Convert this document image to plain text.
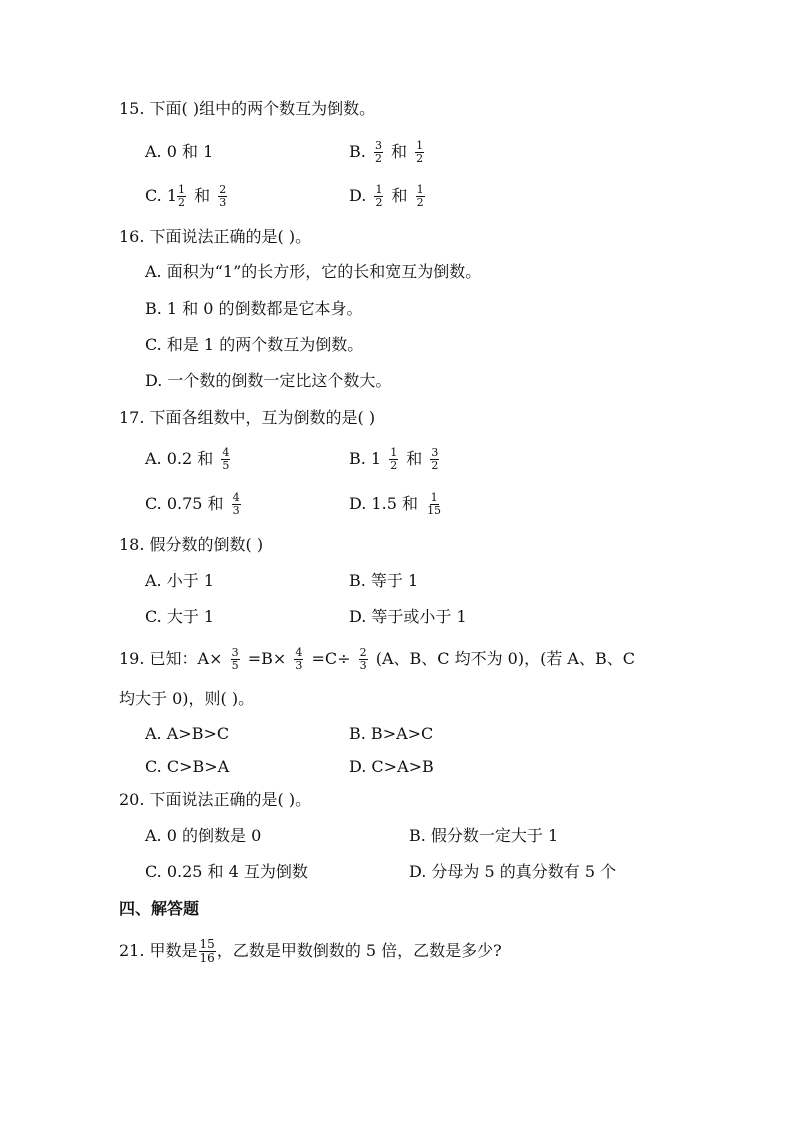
15. 下面( )组中的两个数互为倒数。
A. 0 和 1	B. $\frac{3}{2}$ 和 $\frac{1}{2}$
C. $1 \frac{1}{2}$ 和 $\frac{2}{3}$	D. $\frac{1}{2}$ 和 $\frac{1}{2}$
16. 下面说法正确的是( )。
A. 面积为“1”的长方形，它的长和宽互为倒数。
B. 1 和 0 的倒数都是它本身。
C. 和是 1 的两个数互为倒数。
D. 一个数的倒数一定比这个数大。
17. 下面各组数中，互为倒数的是( )
A. 0.2 和 $\frac{4}{5}$	B. $1 \frac{1}{2}$ 和 $\frac{3}{2}$
C. 0.75 和 $\frac{4}{3}$	D. 1.5 和 $\frac{1}{15}$
18. 假分数的倒数( )
A. 小于 1	B. 等于 1
C. 大于 1	D. 等于或小于 1
19. 已知：$A\times \frac{3}{5} =B\times \frac{4}{3} =C\div \frac{2}{3} (A$、B、C 均不为 0)，(若 A、B、C
均大于 0)，则( )。
A. A>B>C	B. B>A>C
C. C>B>A	D. C>A>B
20. 下面说法正确的是( )。
A. 0 的倒数是 0	B. 假分数一定大于 1
C. 0.25 和 4 互为倒数	D. 分母为 5 的真分数有 5 个
四、解答题
21. 甲数是 $\frac{15}{16}$ ，乙数是甲数倒数的 5 倍，乙数是多少?
